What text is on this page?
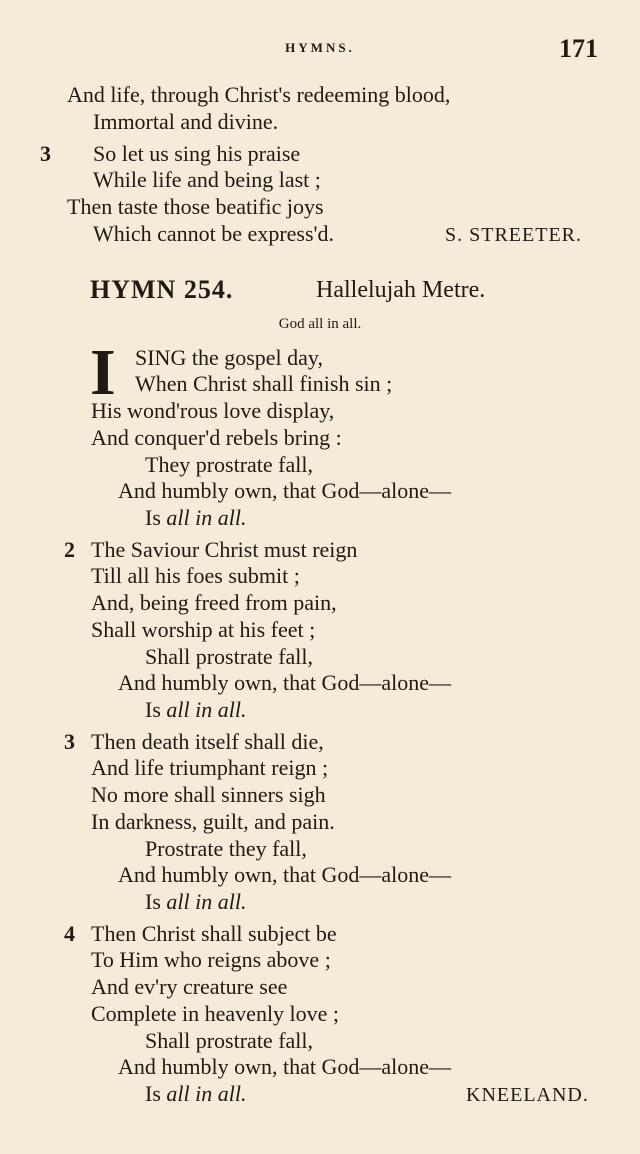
HYMNS.	171
And life, through Christ's redeeming blood,
Immortal and divine.
3 So let us sing his praise
While life and being last ;
Then taste those beatific joys
Which cannot be express'd.	S. STREETER.
HYMN 254.	Hallelujah Metre.
God all in all.
I SING the gospel day,
When Christ shall finish sin ;
His wond'rous love display,
And conquer'd rebels bring :
They prostrate fall,
And humbly own, that God—alone—
Is all in all.
2 The Saviour Christ must reign
Till all his foes submit ;
And, being freed from pain,
Shall worship at his feet ;
Shall prostrate fall,
And humbly own, that God—alone—
Is all in all.
3 Then death itself shall die,
And life triumphant reign ;
No more shall sinners sigh
In darkness, guilt, and pain.
Prostrate they fall,
And humbly own, that God—alone—
Is all in all.
4 Then Christ shall subject be
To Him who reigns above ;
And ev'ry creature see
Complete in heavenly love ;
Shall prostrate fall,
And humbly own, that God—alone—
Is all in all.	KNEELAND.
